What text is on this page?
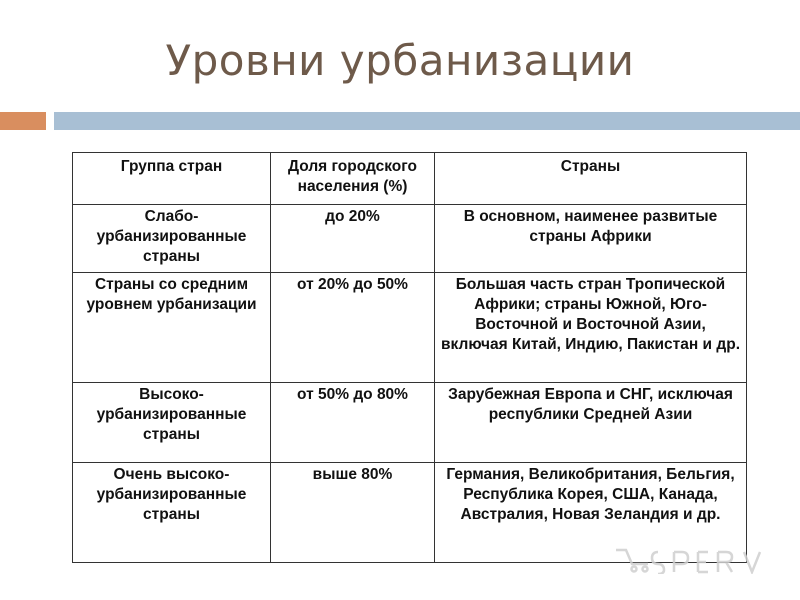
Уровни урбанизации
Группа стран	Доля городского населения (%)	Страны
Слабо-урбанизированные страны	до 20%	В основном, наименее развитые страны Африки
Страны со средним уровнем урбанизации	от 20% до 50%	Большая часть стран Тропической Африки; страны Южной, Юго-Восточной и Восточной Азии, включая Китай, Индию, Пакистан и др.
Высоко-урбанизированные страны	от 50% до 80%	Зарубежная Европа и СНГ, исключая республики Средней Азии
Очень высоко-урбанизированные страны	выше 80%	Германия, Великобритания, Бельгия, Республика Корея, США, Канада, Австралия, Новая Зеландия и др.
